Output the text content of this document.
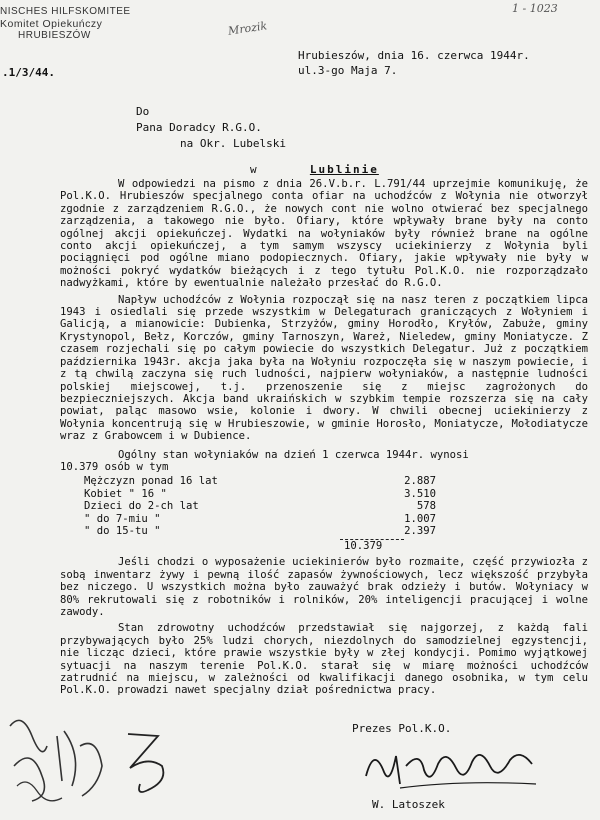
NISCHES HILFSKOMITEE
Komitet Opiekuńczy
HRUBIESZÓW
.1/3/44.
Mrozik
1 - 1023
Hrubieszów, dnia 16. czerwca 1944r.
ul.3-go Maja 7.
Do
Pana Doradcy R.G.O.
na Okr. Lubelski
w	Lublinie

W odpowiedzi na pismo z dnia 26.V.b.r. L.791/44 uprzejmie komunikuję, że Pol.K.O. Hrubieszów specjalnego conta ofiar na uchodźców z Wołynia nie otworzył zgodnie z zarządzeniem R.G.O., że nowych cont nie wolno otwierać bez specjalnego zarządzenia, a takowego nie było. Ofiary, które wpływały brane były na conto ogólnej akcji opiekuńczej. Wydatki na wołyniaków były również brane na ogólne conto akcji opiekuńczej, a tym samym wszyscy uciekinierzy z Wołynia byli pociągnięci pod ogólne miano podopiecznych. Ofiary, jakie wpływały nie były w możności pokryć wydatków bieżących i z tego tytułu Pol.K.O. nie rozporządzało nadwyżkami, które by ewentualnie należało przesłać do R.G.O.

Napływ uchodźców z Wołynia rozpoczął się na nasz teren z początkiem lipca 1943 i osiedlali się przede wszystkim w Delegaturach graniczących z Wołyniem i Galicją, a mianowicie: Dubienka, Strzyżów, gminy Horodło, Kryłów, Zabuże, gminy Krystynopol, Bełz, Korczów, gminy Tarnoszyn, Wareż, Nieledew, gminy Moniatycze. Z czasem rozjechali się po całym powiecie do wszystkich Delegatur. Już z początkiem października 1943r. akcja jaka była na Wołyniu rozpoczęła się w naszym powiecie, i z tą chwilą zaczyna się ruch ludności, najpierw wołyniaków, a następnie ludności polskiej miejscowej, t.j. przenoszenie się z miejsc zagrożonych do bezpieczniejszych. Akcja band ukraińskich w szybkim tempie rozszerza się na cały powiat, paląc masowo wsie, kolonie i dwory. W chwili obecnej uciekinierzy z Wołynia koncentrują się w Hrubieszowie, w gminie Horosło, Moniatycze, Mołodiatycze wraz z Grabowcem i w Dubience.

Ogólny stan wołyniaków na dzień 1 czerwca 1944r. wynosi
10.379 osób w tym
Mężczyzn ponad 16 lat	2.887
Kobiet " 16 "	3.510
Dzieci do 2-ch lat	578
" do 7-miu "	1.007
" do 15-tu "	2.397
10.379

Jeśli chodzi o wyposażenie uciekinierów było rozmaite, część przywiozła z sobą inwentarz żywy i pewną ilość zapasów żywnościowych, lecz większość przybyła bez niczego. U wszystkich można było zauważyć brak odzieży i butów. Wołyniacy w 80% rekrutowali się z robotników i rolników, 20% inteligencji pracującej i wolne zawody.

Stan zdrowotny uchodźców przedstawiał się najgorzej, z każdą fali przybywających było 25% ludzi chorych, niezdolnych do samodzielnej egzystencji, nie licząc dzieci, które prawie wszystkie były w złej kondycji. Pomimo wyjątkowej sytuacji na naszym terenie Pol.K.O. starał się w miarę możności uchodźców zatrudnić na miejscu, w zależności od kwalifikacji danego osobnika, w tym celu Pol.K.O. prowadzi nawet specjalny dział pośrednictwa pracy.

Prezes Pol.K.O.
W. Latoszek
